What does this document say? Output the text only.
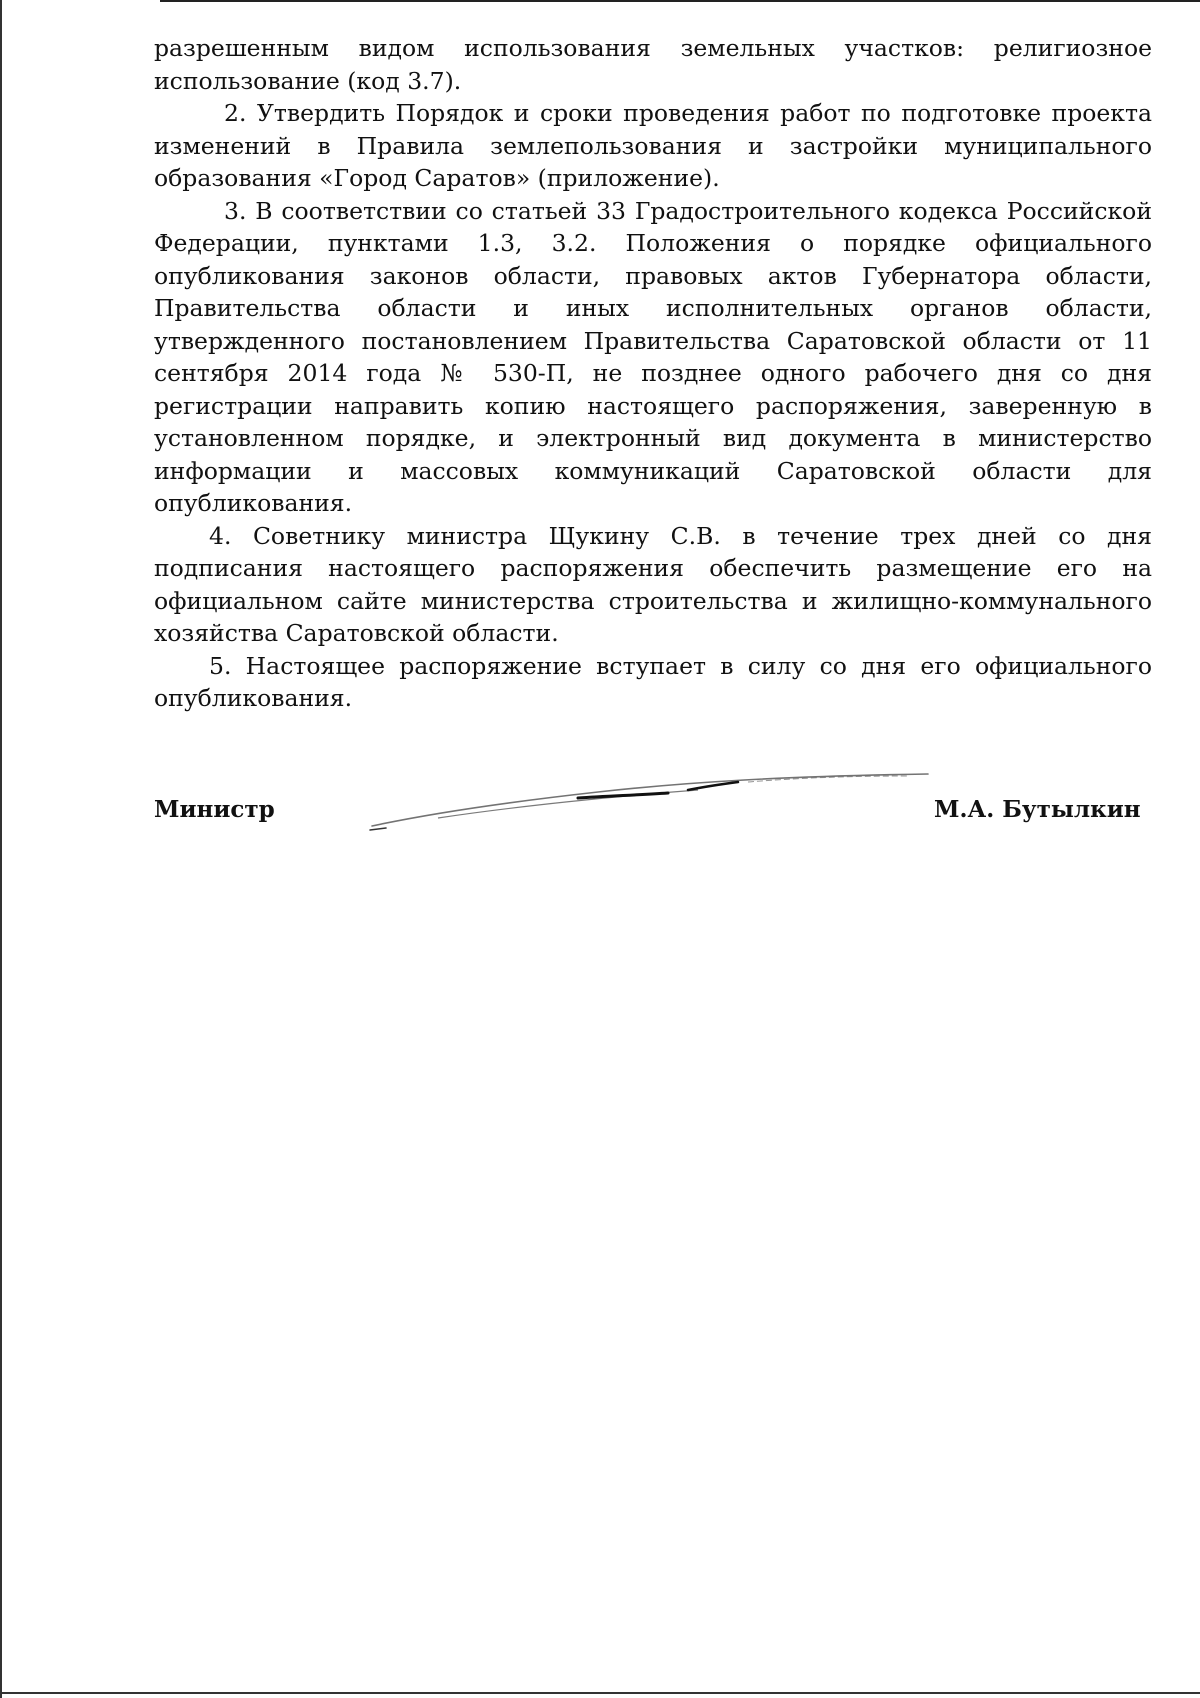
разрешенным видом использования земельных участков: религиозное использование (код 3.7).

2. Утвердить Порядок и сроки проведения работ по подготовке проекта изменений в Правила землепользования и застройки муниципального образования «Город Саратов» (приложение).

3. В соответствии со статьей 33 Градостроительного кодекса Российской Федерации, пунктами 1.3, 3.2. Положения о порядке официального опубликования законов области, правовых актов Губернатора области, Правительства области и иных исполнительных органов области, утвержденного постановлением Правительства Саратовской области от 11 сентября 2014 года № 530-П, не позднее одного рабочего дня со дня регистрации направить копию настоящего распоряжения, заверенную в установленном порядке, и электронный вид документа в министерство информации и массовых коммуникаций Саратовской области для опубликования.

4. Советнику министра Щукину С.В. в течение трех дней со дня подписания настоящего распоряжения обеспечить размещение его на официальном сайте министерства строительства и жилищно-коммунального хозяйства Саратовской области.

5. Настоящее распоряжение вступает в силу со дня его официального опубликования.

Министр	М.А. Бутылкин
